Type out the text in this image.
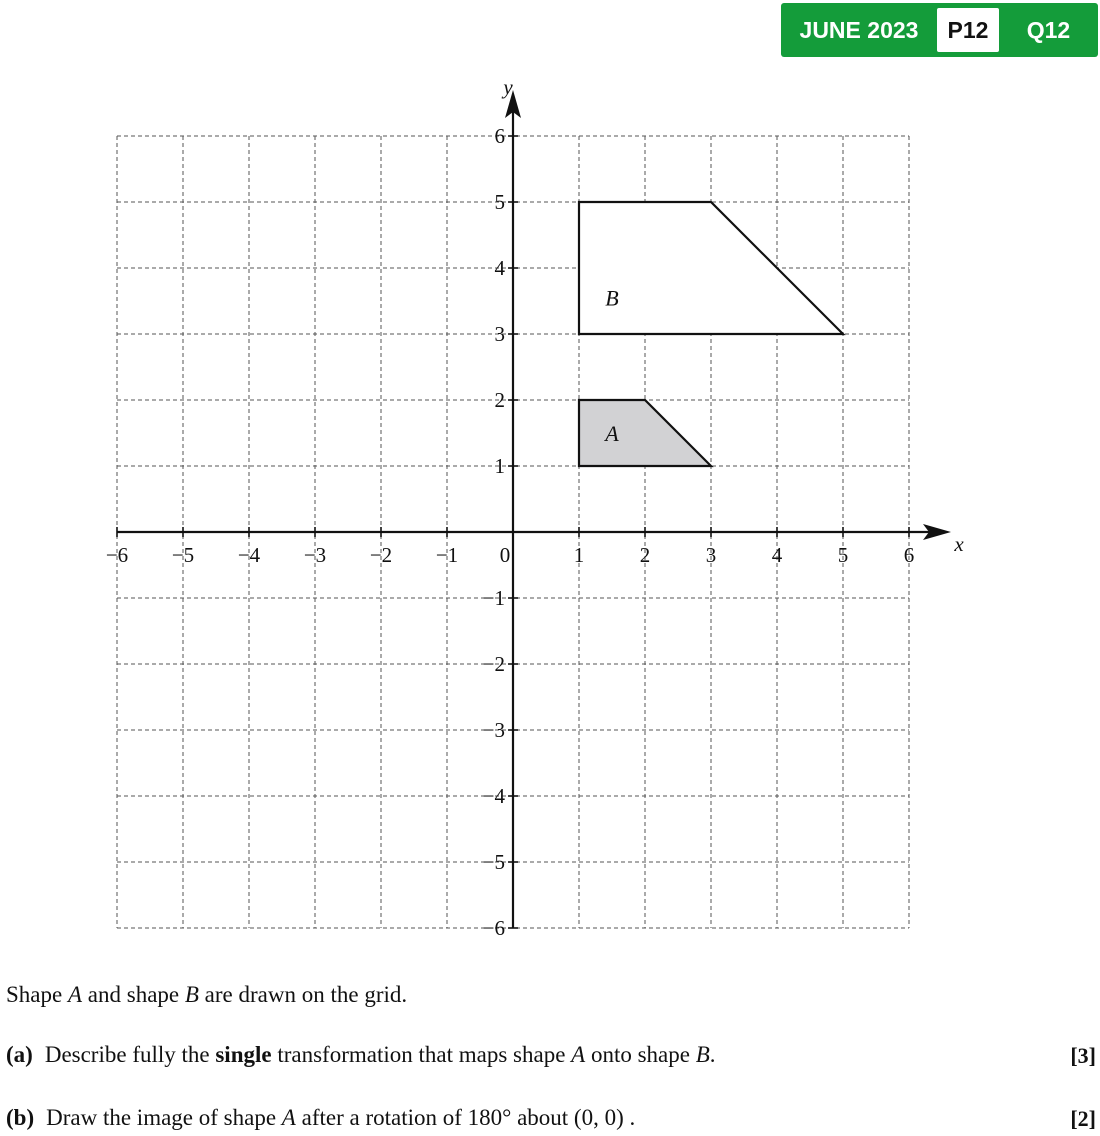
JUNE 2023	P12	Q12
−6 −5 −4 −3 −2 −1 0	1	2	3	4	5	6
6
5
4
3
2
1
−1
−2
−3
−4
−5
−6
x
y
A
B
Shape A and shape B are drawn on the grid.
(a) Describe fully the single transformation that maps shape A onto shape B.	[3]
(b) Draw the image of shape A after a rotation of 180° about (0, 0) .	[2]
